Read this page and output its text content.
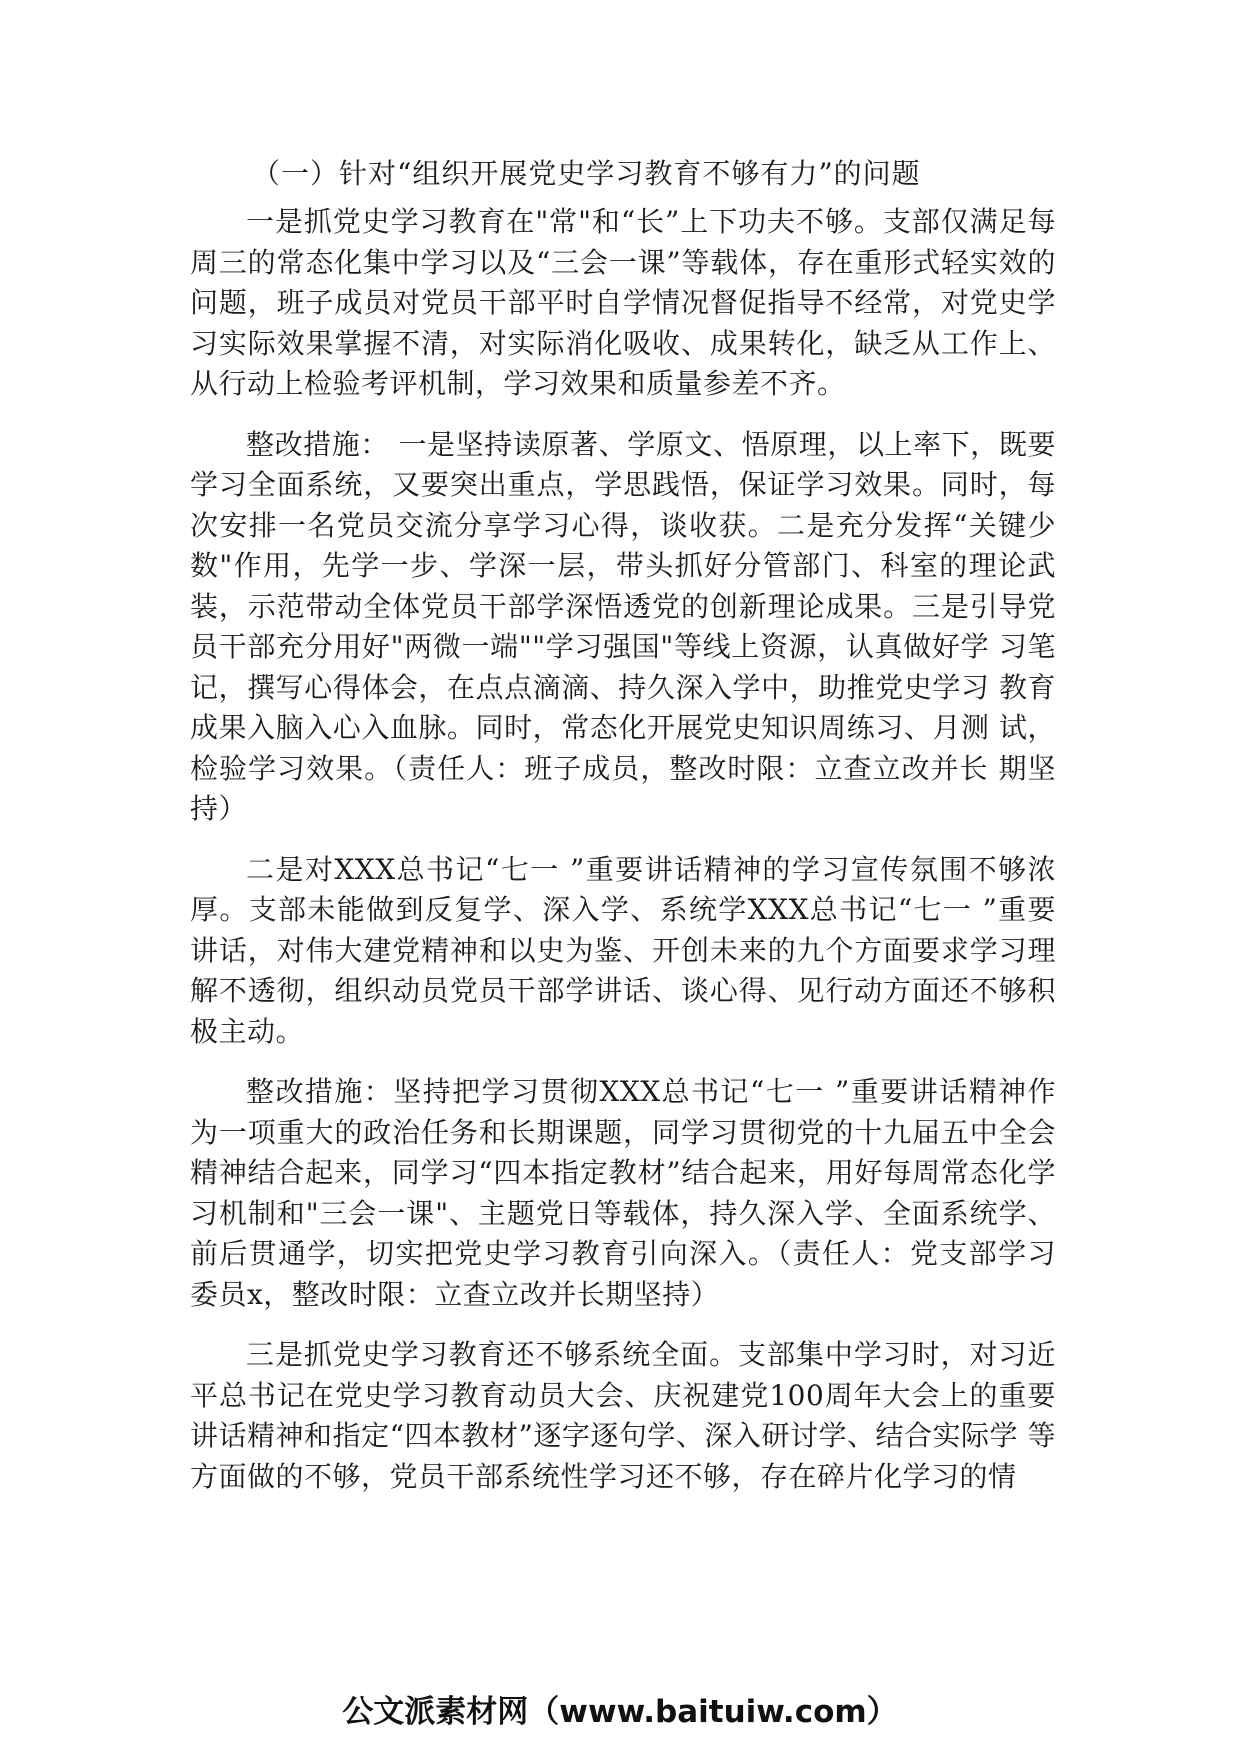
（一）针对“组织开展党史学习教育不够有力”的问题

一是抓党史学习教育在"常"和“长”上下功夫不够。支部仅满足每周三的常态化集中学习以及“三会一课”等载体，存在重形式轻实效的问题，班子成员对党员干部平时自学情况督促指导不经常，对党史学习实际效果掌握不清，对实际消化吸收、成果转化，缺乏从工作上、从行动上检验考评机制，学习效果和质量参差不齐。

整改措施： 一是坚持读原著、学原文、悟原理，以上率下，既要 学习全面系统，又要突出重点，学思践悟，保证学习效果。同时，每 次安排一名党员交流分享学习心得，谈收获。二是充分发挥“关键少 数"作用，先学一步、学深一层，带头抓好分管部门、科室的理论武 装，示范带动全体党员干部学深悟透党的创新理论成果。三是引导党 员干部充分用好"两微一端""学习强国"等线上资源，认真做好学 习笔记，撰写心得体会，在点点滴滴、持久深入学中，助推党史学习 教育成果入脑入心入血脉。同时，常态化开展党史知识周练习、月测 试，检验学习效果。（责任人：班子成员，整改时限：立查立改并长 期坚持）

二是对XXX总书记“七一 ”重要讲话精神的学习宣传氛围不够浓厚。支部未能做到反复学、深入学、系统学XXX总书记“七一 ”重要讲话，对伟大建党精神和以史为鉴、开创未来的九个方面要求学习理解不透彻，组织动员党员干部学讲话、谈心得、见行动方面还不够积极主动。

整改措施：坚持把学习贯彻XXX总书记“七一 ”重要讲话精神作为一项重大的政治任务和长期课题，同学习贯彻党的十九届五中全会精神结合起来，同学习“四本指定教材”结合起来，用好每周常态化学习机制和"三会一课"、主题党日等载体，持久深入学、全面系统学、前后贯通学，切实把党史学习教育引向深入。（责任人：党支部学习委员x，整改时限：立查立改并长期坚持）

三是抓党史学习教育还不够系统全面。支部集中学习时，对习近平总书记在党史学习教育动员大会、庆祝建党100周年大会上的重要 讲话精神和指定“四本教材”逐字逐句学、深入研讨学、结合实际学 等方面做的不够，党员干部系统性学习还不够，存在碎片化学习的情

公文派素材网（www.baituiw.com）
